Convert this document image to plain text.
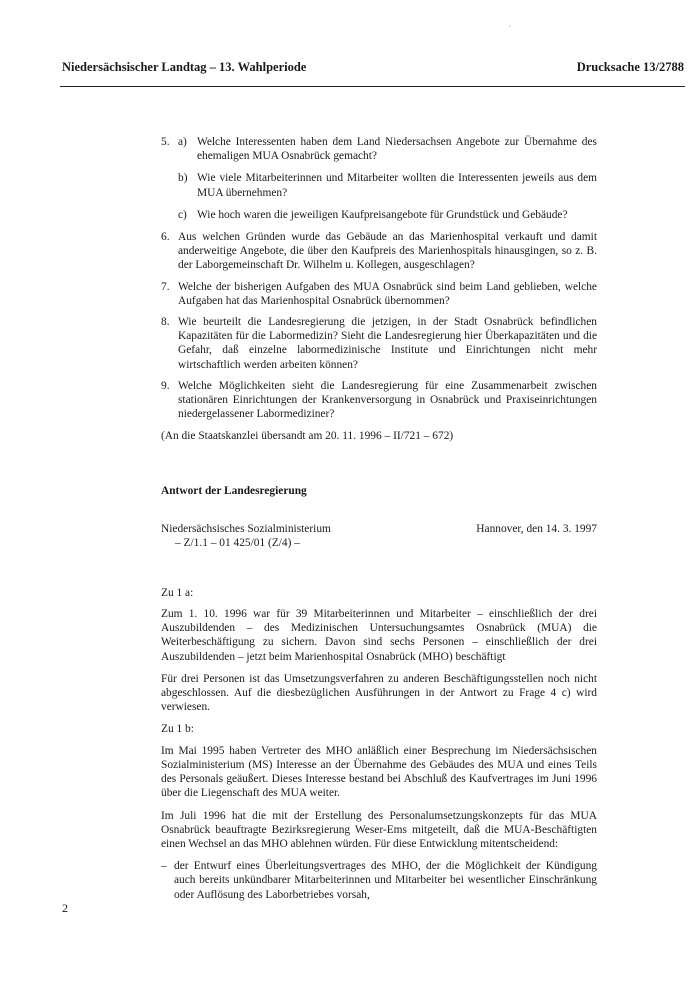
·
Niedersächsischer Landtag – 13. Wahlperiode	Drucksache 13/2788
5. a) Welche Interessenten haben dem Land Niedersachsen Angebote zur Übernahme des ehemaligen MUA Osnabrück gemacht?
b) Wie viele Mitarbeiterinnen und Mitarbeiter wollten die Interessenten jeweils aus dem MUA übernehmen?
c) Wie hoch waren die jeweiligen Kaufpreisangebote für Grundstück und Gebäude?
6. Aus welchen Gründen wurde das Gebäude an das Marienhospital verkauft und damit anderweitige Angebote, die über den Kaufpreis des Marienhospitals hinausgingen, so z. B. der Laborgemeinschaft Dr. Wilhelm u. Kollegen, ausgeschlagen?
7. Welche der bisherigen Aufgaben des MUA Osnabrück sind beim Land geblieben, welche Aufgaben hat das Marienhospital Osnabrück übernommen?
8. Wie beurteilt die Landesregierung die jetzigen, in der Stadt Osnabrück befindlichen Kapazitäten für die Labormedizin? Sieht die Landesregierung hier Überkapazitäten und die Gefahr, daß einzelne labormedizinische Institute und Einrichtungen nicht mehr wirtschaftlich werden arbeiten können?
9. Welche Möglichkeiten sieht die Landesregierung für eine Zusammenarbeit zwischen stationären Einrichtungen der Krankenversorgung in Osnabrück und Praxiseinrichtungen niedergelassener Labormediziner?
(An die Staatskanzlei übersandt am 20. 11. 1996 – II/721 – 672)
Antwort der Landesregierung
Niedersächsisches Sozialministerium
– Z/1.1 – 01 425/01 (Z/4) –
Hannover, den 14. 3. 1997
Zu 1 a:
Zum 1. 10. 1996 war für 39 Mitarbeiterinnen und Mitarbeiter – einschließlich der drei Auszubildenden – des Medizinischen Untersuchungsamtes Osnabrück (MUA) die Weiterbeschäftigung zu sichern. Davon sind sechs Personen – einschließlich der drei Auszubildenden – jetzt beim Marienhospital Osnabrück (MHO) beschäftigt
Für drei Personen ist das Umsetzungsverfahren zu anderen Beschäftigungsstellen noch nicht abgeschlossen. Auf die diesbezüglichen Ausführungen in der Antwort zu Frage 4 c) wird verwiesen.
Zu 1 b:
Im Mai 1995 haben Vertreter des MHO anläßlich einer Besprechung im Niedersächsischen Sozialministerium (MS) Interesse an der Übernahme des Gebäudes des MUA und eines Teils des Personals geäußert. Dieses Interesse bestand bei Abschluß des Kaufvertrages im Juni 1996 über die Liegenschaft des MUA weiter.
Im Juli 1996 hat die mit der Erstellung des Personalumsetzungskonzepts für das MUA Osnabrück beauftragte Bezirksregierung Weser-Ems mitgeteilt, daß die MUA-Beschäftigten einen Wechsel an das MHO ablehnen würden. Für diese Entwicklung mitentscheidend:
– der Entwurf eines Überleitungsvertrages des MHO, der die Möglichkeit der Kündigung auch bereits unkündbarer Mitarbeiterinnen und Mitarbeiter bei wesentlicher Einschränkung oder Auflösung des Laborbetriebes vorsah,
2
